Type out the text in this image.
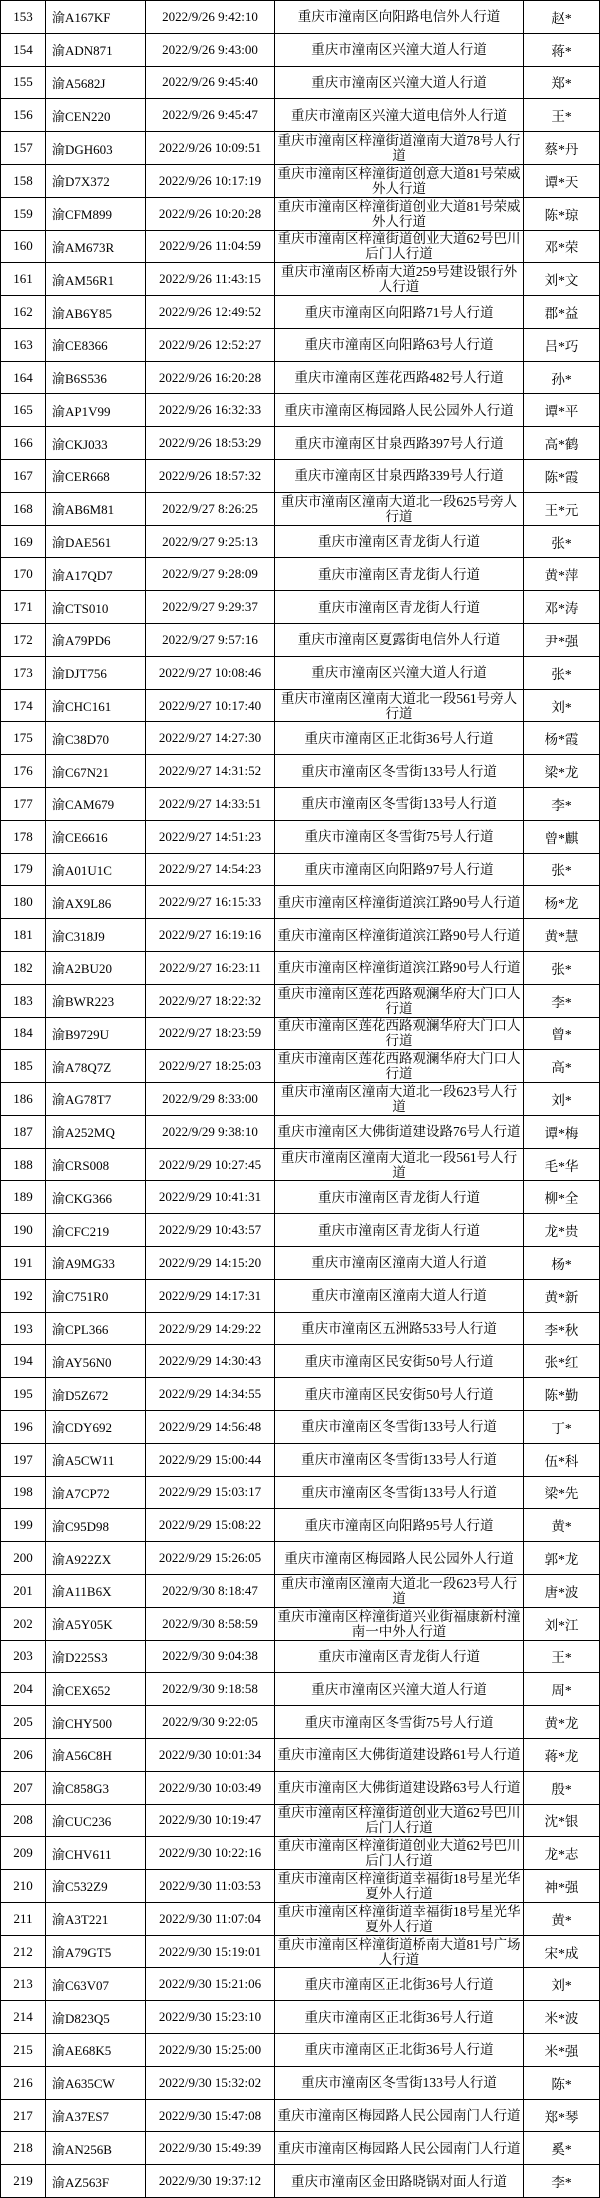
153 渝A167KF	2022/9/26 9:42:10	重庆市潼南区向阳路电信外人行道	赵*
154 渝ADN871	2022/9/26 9:43:00	重庆市潼南区兴潼大道人行道	蒋*
155 渝A5682J	2022/9/26 9:45:40	重庆市潼南区兴潼大道人行道	郑*
156 渝CEN220	2022/9/26 9:45:47 重庆市潼南区兴潼大道电信外人行道	王*
157 渝DGH603	2022/9/26 10:09:51 重庆市潼南区梓潼街道潼南大道78号人行道	蔡*丹
158 渝D7X372	2022/9/26 10:17:19 重庆市潼南区梓潼街道创意大道81号荣威外人行道	谭*天
159 渝CFM899	2022/9/26 10:20:28 重庆市潼南区梓潼街道创业大道81号荣威外人行道	陈*琼
160 渝AM673R	2022/9/26 11:04:59 重庆市潼南区梓潼街道创业大道62号巴川后门人行道	邓*荣
161 渝AM56R1	2022/9/26 11:43:15	重庆市潼南区桥南大道259号建设银行外人行道	刘*文
162 渝AB6Y85	2022/9/26 12:49:52	重庆市潼南区向阳路71号人行道	郡*益
163 渝CE8366	2022/9/26 12:52:27	重庆市潼南区向阳路63号人行道	吕*巧
164 渝B6S536	2022/9/26 16:20:28 重庆市潼南区莲花西路482号人行道	孙*
165 渝AP1V99	2022/9/26 16:32:33 重庆市潼南区梅园路人民公园外人行道 谭*平
166 渝CKJ033	2022/9/26 18:53:29 重庆市潼南区甘泉西路397号人行道	高*鹤
167 渝CER668	2022/9/26 18:57:32 重庆市潼南区甘泉西路339号人行道	陈*霞
168 渝AB6M81	2022/9/27 8:26:25	重庆市潼南区潼南大道北一段625号旁人行道	王*元
169 渝DAE561	2022/9/27 9:25:13	重庆市潼南区青龙街人行道	张*
170 渝A17QD7	2022/9/27 9:28:09	重庆市潼南区青龙街人行道	黄*萍
171 渝CTS010	2022/9/27 9:29:37	重庆市潼南区青龙街人行道	邓*涛
172 渝A79PD6	2022/9/27 9:57:16	重庆市潼南区夏露街电信外人行道	尹*强
173 渝DJT756	2022/9/27 10:08:46	重庆市潼南区兴潼大道人行道	张*
174 渝CHC161	2022/9/27 10:17:40	重庆市潼南区潼南大道北一段561号旁人行道	刘*
175 渝C38D70	2022/9/27 14:27:30	重庆市潼南区正北街36号人行道	杨*霞
176 渝C67N21	2022/9/27 14:31:52	重庆市潼南区冬雪街133号人行道	梁*龙
177 渝CAM679	2022/9/27 14:33:51	重庆市潼南区冬雪街133号人行道	李*
178 渝CE6616	2022/9/27 14:51:23	重庆市潼南区冬雪街75号人行道	曾*麒
179 渝A01U1C	2022/9/27 14:54:23	重庆市潼南区向阳路97号人行道	张*
180 渝AX9L86	2022/9/27 16:15:33 重庆市潼南区梓潼街道滨江路90号人行道 杨*龙
181 渝C318J9	2022/9/27 16:19:16 重庆市潼南区梓潼街道滨江路90号人行道 黄*慧
182 渝A2BU20	2022/9/27 16:23:11 重庆市潼南区梓潼街道滨江路90号人行道 张*
183 渝BWR223	2022/9/27 18:22:32 重庆市潼南区莲花西路观澜华府大门口人行道	李*
184 渝B9729U	2022/9/27 18:23:59 重庆市潼南区莲花西路观澜华府大门口人行道	曾*
185 渝A78Q7Z	2022/9/27 18:25:03 重庆市潼南区莲花西路观澜华府大门口人行道	高*
186 渝AG78T7	2022/9/29 8:33:00	重庆市潼南区潼南大道北一段623号人行道	刘*
187 渝A252MQ	2022/9/29 9:38:10 重庆市潼南区大佛街道建设路76号人行道 谭*梅
188 渝CRS008	2022/9/29 10:27:45	重庆市潼南区潼南大道北一段561号人行道	毛*华
189 渝CKG366	2022/9/29 10:41:31	重庆市潼南区青龙街人行道	柳*全
190 渝CFC219	2022/9/29 10:43:57	重庆市潼南区青龙街人行道	龙*贵
191 渝A9MG33	2022/9/29 14:15:20	重庆市潼南区潼南大道人行道	杨*
192 渝C751R0	2022/9/29 14:17:31	重庆市潼南区潼南大道人行道	黄*新
193 渝CPL366	2022/9/29 14:29:22	重庆市潼南区五洲路533号人行道	李*秋
194 渝AY56N0	2022/9/29 14:30:43	重庆市潼南区民安街50号人行道	张*红
195 渝D5Z672	2022/9/29 14:34:55	重庆市潼南区民安街50号人行道	陈*勤
196 渝CDY692	2022/9/29 14:56:48	重庆市潼南区冬雪街133号人行道	丁*
197 渝A5CW11	2022/9/29 15:00:44	重庆市潼南区冬雪街133号人行道	伍*科
198 渝A7CP72	2022/9/29 15:03:17	重庆市潼南区冬雪街133号人行道	梁*先
199 渝C95D98	2022/9/29 15:08:22	重庆市潼南区向阳路95号人行道	黄*
200 渝A922ZX	2022/9/29 15:26:05 重庆市潼南区梅园路人民公园外人行道 郭*龙
201 渝A11B6X	2022/9/30 8:18:47	重庆市潼南区潼南大道北一段623号人行道	唐*波
202 渝A5Y05K	2022/9/30 8:58:59 重庆市潼南区梓潼街道兴业街福康新村潼南一中外人行道	刘*江
203 渝D225S3	2022/9/30 9:04:38	重庆市潼南区青龙街人行道	王*
204 渝CEX652	2022/9/30 9:18:58	重庆市潼南区兴潼大道人行道	周*
205 渝CHY500	2022/9/30 9:22:05	重庆市潼南区冬雪街75号人行道	黄*龙
206 渝A56C8H	2022/9/30 10:01:34 重庆市潼南区大佛街道建设路61号人行道 蒋*龙
207 渝C858G3	2022/9/30 10:03:49 重庆市潼南区大佛街道建设路63号人行道 殷*
208 渝CUC236	2022/9/30 10:19:47 重庆市潼南区梓潼街道创业大道62号巴川后门人行道	沈*银
209 渝CHV611	2022/9/30 10:22:16 重庆市潼南区梓潼街道创业大道62号巴川后门人行道	龙*志
210 渝C532Z9	2022/9/30 11:03:53 重庆市潼南区梓潼街道幸福街18号星光华夏外人行道	神*强
211 渝A3T221	2022/9/30 11:07:04 重庆市潼南区梓潼街道幸福街18号星光华夏外人行道	黄*
212 渝A79GT5	2022/9/30 15:19:01 重庆市潼南区梓潼街道桥南大道81号广场人行道	宋*成
213 渝C63V07	2022/9/30 15:21:06	重庆市潼南区正北街36号人行道	刘*
214 渝D823Q5	2022/9/30 15:23:10	重庆市潼南区正北街36号人行道	米*波
215 渝AE68K5	2022/9/30 15:25:00	重庆市潼南区正北街36号人行道	米*强
216 渝A635CW	2022/9/30 15:32:02	重庆市潼南区冬雪街133号人行道	陈*
217 渝A37ES7	2022/9/30 15:47:08 重庆市潼南区梅园路人民公园南门人行道 郑*琴
218 渝AN256B	2022/9/30 15:49:39 重庆市潼南区梅园路人民公园南门人行道 奚*
219 渝AZ563F	2022/9/30 19:37:12 重庆市潼南区金田路晓锅对面人行道	李*
